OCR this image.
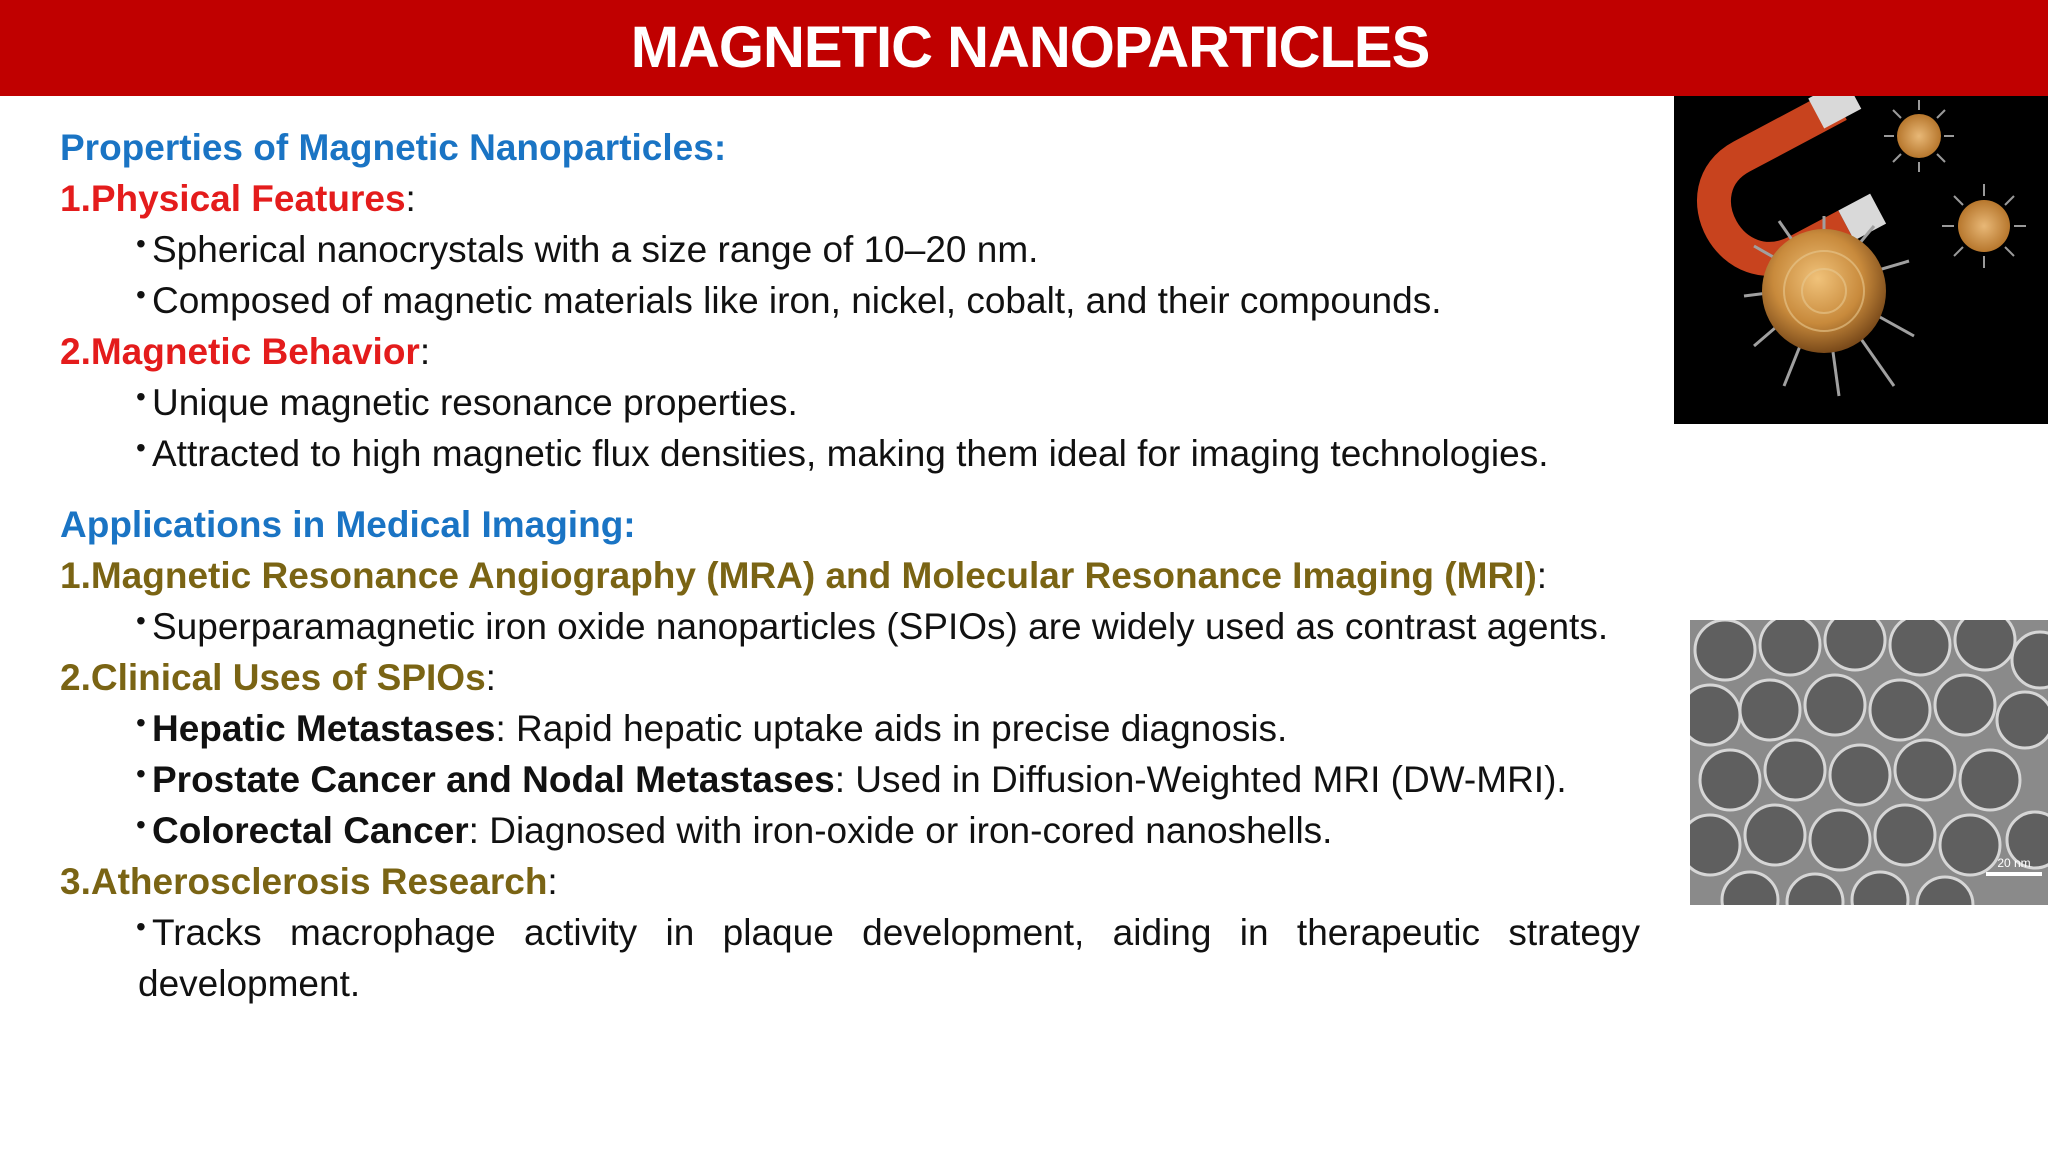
MAGNETIC NANOPARTICLES
Properties of Magnetic Nanoparticles:
1.Physical Features:
• Spherical nanocrystals with a size range of 10–20 nm.
• Composed of magnetic materials like iron, nickel, cobalt, and their compounds.
2.Magnetic Behavior:
• Unique magnetic resonance properties.
• Attracted to high magnetic flux densities, making them ideal for imaging technologies.
Applications in Medical Imaging:
1.Magnetic Resonance Angiography (MRA) and Molecular Resonance Imaging (MRI):
• Superparamagnetic iron oxide nanoparticles (SPIOs) are widely used as contrast agents.
2.Clinical Uses of SPIOs:
• Hepatic Metastases: Rapid hepatic uptake aids in precise diagnosis.
• Prostate Cancer and Nodal Metastases: Used in Diffusion-Weighted MRI (DW-MRI).
• Colorectal Cancer: Diagnosed with iron-oxide or iron-cored nanoshells.
3.Atherosclerosis Research:
• Tracks macrophage activity in plaque development, aiding in therapeutic strategy development.
20 nm
